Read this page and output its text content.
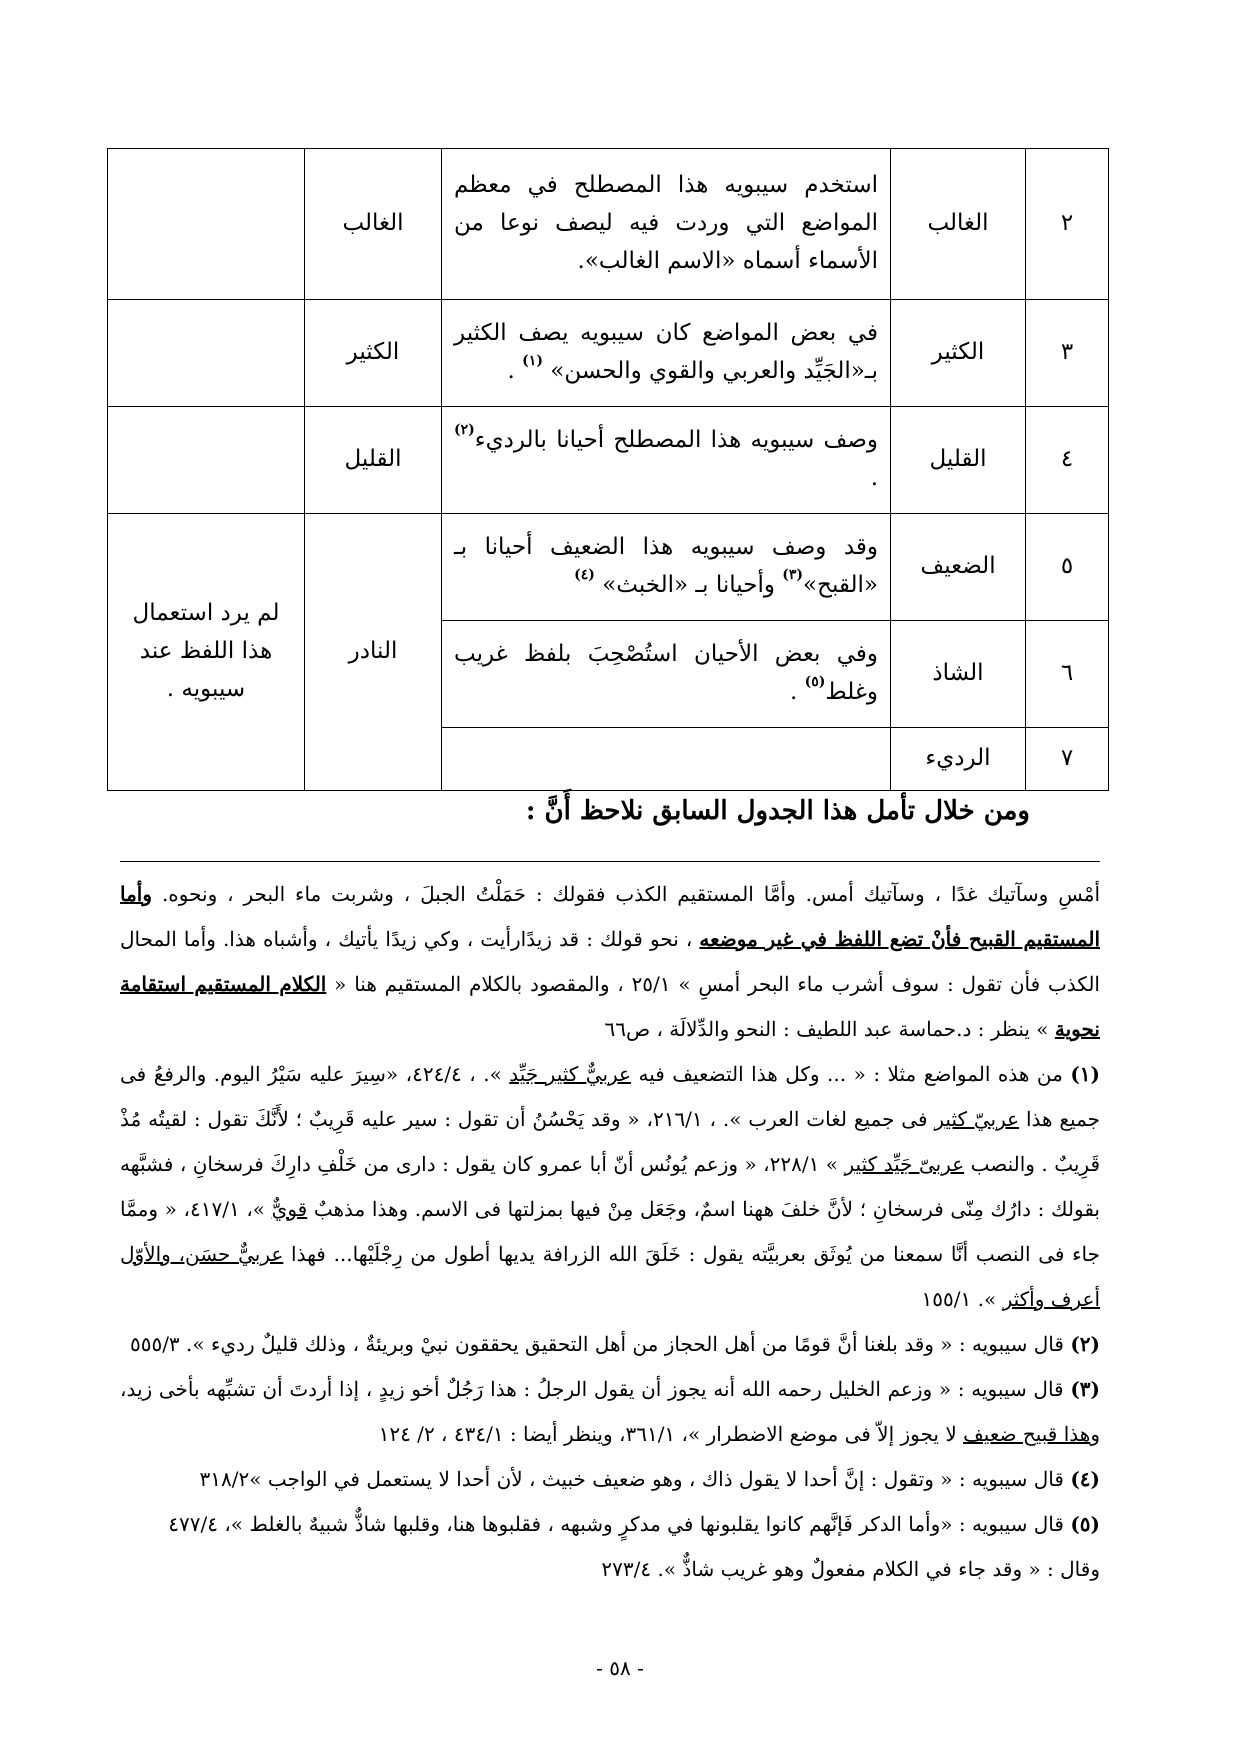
٢	الغالب	استخدم سيبويه هذا المصطلح في معظم المواضع التي وردت فيه ليصف نوعا من الأسماء أسماه «الاسم الغالب».	الغالب	
٣	الكثير	في بعض المواضع كان سيبويه يصف الكثير بـ«الجَيِّد والعربي والقوي والحسن» $^{(١)}$ .	الكثير	
٤	القليل	وصف سيبويه هذا المصطلح أحيانا بالرديء$^{(٢)}$ .	القليل	
٥	الضعيف	وقد وصف سيبويه هذا الضعيف أحيانا بـ «القبح»$^{(٣)}$ وأحيانا بـ «الخبث» $^{(٤)}$	النادر	لم يرد استعمال هذا اللفظ عند سيبويه .
٦	الشاذ	وفي بعض الأحيان استُصْحِبَ بلفظ غريب وغلط$^{(٥)}$ .		
٧	الرديء			
ومن خلال تأمل هذا الجدول السابق نلاحظ أَنَّ :

أمْسِ وسآتيك غدًا ، وسآتيك أمس. وأمَّا المستقيم الكذب فقولك : حَمَلْتُ الجبلَ ، وشربت ماء البحر ، ونحوه. وأما المستقيم القبيح فأنْ تضع اللفظ في غير موضعه ، نحو قولك : قد زيدًارأيت ، وكي زيدًا يأتيك ، وأشباه هذا. وأما المحال الكذب فأن تقول : سوف أشرب ماء البحر أمسِ » ٢٥/١ ، والمقصود بالكلام المستقيم هنا « الكلام المستقيم استقامة نحوية » ينظر : د.حماسة عبد اللطيف : النحو والدِّلالَة ، ص٦٦

(١) من هذه المواضع مثلا : « ... وكل هذا التضعيف فيه عربيٌّ كثير جَيِّد ». ، ٤٢٤/٤، «سِيرَ عليه سَيْرُ اليوم. والرفعُ فى جميع هذا عربيّ كثير فى جميع لغات العرب ». ، ٢١٦/١، « وقد يَحْسُنُ أن تقول : سير عليه قَرِيبٌ ؛ لأَنَّكَ تقول : لقيتُه مُذْ قَرِيبٌ . والنصب عربىّ جَيِّد كثير » ٢٢٨/١، « وزعم يُونُس أنّ أبا عمرو كان يقول : دارى من خَلْفِ دارِكَ فرسخانِ ، فشبَّهه بقولك : دارُك مِنّى فرسخانِ ؛ لأنَّ خلفَ ههنا اسمٌ، وجَعَل مِنْ فيها بمزلتها فى الاسم. وهذا مذهبٌ قويٌّ »، ٤١٧/١، « وممَّا جاء فى النصب أنَّا سمعنا من يُوثَق بعربيَّته يقول : خَلَقَ الله الزرافة يديها أطول من رِجْلَيْها... فهذا عربيٌّ حسَن، والأوّل أعرف وأكثر ». ١٥٥/١

(٢) قال سيبويه : « وقد بلغنا أنَّ قومًا من أهل الحجاز من أهل التحقيق يحققون نبيْ وبريئةٌ ، وذلك قليلٌ رديء ». ٥٥٥/٣

(٣) قال سيبويه : « وزعم الخليل رحمه الله أنه يجوز أن يقول الرجلُ : هذا رَجُلٌ أخو زيدٍ ، إذا أردتَ أن تشبِّهه بأخى زيد، وهذا قبيح ضعيف لا يجوز إلاّ فى موضع الاضطرار »، ٣٦١/١، وينظر أيضا : ٤٣٤/١ ، ٢/ ١٢٤

(٤) قال سيبويه : « وتقول : إنَّ أحدا لا يقول ذاك ، وهو ضعيف خبيث ، لأن أحدا لا يستعمل في الواجب »٣١٨/٢

(٥) قال سيبويه : «وأما الدكر فَإنَّهم كانوا يقلبونها في مدكرٍ وشبهه ، فقلبوها هنا، وقلبها شاذٌّ شبيهٌ بالغلط »، ٤٧٧/٤

وقال : « وقد جاء في الكلام مفعولٌ وهو غريب شاذٌّ ». ٢٧٣/٤

- ٥٨ -
